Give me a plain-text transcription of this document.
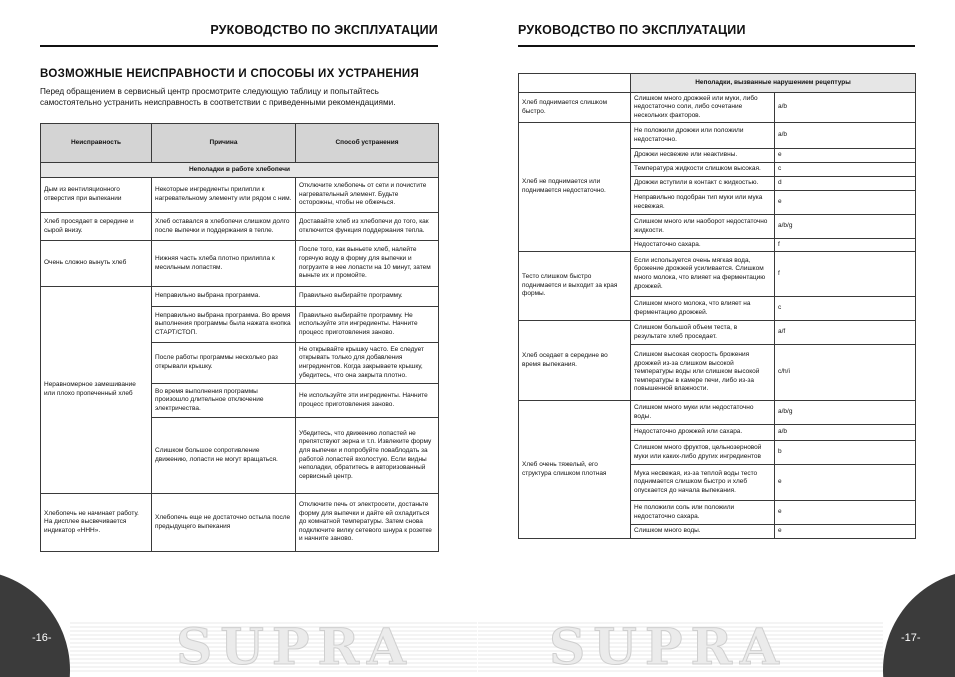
РУКОВОДСТВО ПО ЭКСПЛУАТАЦИИ
ВОЗМОЖНЫЕ НЕИСПРАВНОСТИ И СПОСОБЫ ИХ УСТРАНЕНИЯ
Перед обращением в сервисный центр просмотрите следующую таблицу и попытайтесь самостоятельно устранить неисправность в соответствии с приведенными рекомендациями.
Неисправность	Причина	Способ устранения
Неполадки в работе хлебопечи		
Дым из вентиляционного отверстия при выпекании	Некоторые ингредиенты прилипли к нагревательному элементу или рядом с ним.	Отключите хлебопечь от сети и почистите нагревательный элемент. Будьте осторожны, чтобы не обжечься.
Хлеб просядает в середине и сырой внизу.	Хлеб оставался в хлебопечи слишком долго после выпечки и поддержания в тепле.	Доставайте хлеб из хлебопечи до того, как отключится функция поддержания тепла.
Очень сложно вынуть хлеб	Нижняя часть хлеба плотно прилипла к месильным лопастям.	После того, как выньете хлеб, налейте горячую воду в форму для выпечки и погрузите в нее лопасти на 10 минут, затем выньте их и промойте.
Неравномерное замешивание или плохо пропеченный хлеб	Неправильно выбрана программа.	Правильно выбирайте программу.
	Неправильно выбрана программа. Во время выполнения программы была нажата кнопка СТАРТ/СТОП.	Правильно выбирайте программу. Не используйте эти ингредиенты. Начните процесс приготовления заново.
	После работы программы несколько раз открывали крышку.	Не открывайте крышку часто. Ее следует открывать только для добавления ингредиентов. Когда закрываете крышку, убедитесь, что она закрыта плотно.
	Во время выполнения программы произошло длительное отключение электричества.	Не используйте эти ингредиенты. Начните процесс приготовления заново.
	Слишком большое сопротивление движению, лопасти не могут вращаться.	Убедитесь, что движению лопастей не препятствуют зерна и т.п. Извлеките форму для выпечки и попробуйте поваблодать за работой лопастей вхолостую. Если видны неполадки, обратитесь в авторизованный сервисный центр.
Хлебопечь не начинает работу. На дисплее высвечивается индикатор «HHH».	Хлебопечь еще не достаточно остыла после предыдущего выпекания	Отключите печь от электросети, достаньте форму для выпечки и дайте ей охладиться до комнатной температуры. Затем снова подключите вилку сетевого шнура к розетке и начните заново.
SUPRA
-16-
РУКОВОДСТВО ПО ЭКСПЛУАТАЦИИ
	Неполадки, вызванные нарушением рецептуры	
Хлеб поднимается слишком быстро.	Слишком много дрожжей или муки, либо недостаточно соли, либо сочетание нескольких факторов.	a/b
Хлеб не поднимается или поднимается недостаточно.	Не положили дрожжи или положили недостаточно.	a/b
	Дрожжи несвежие или неактивны.	e
	Температура жидкости слишком высокая.	c
	Дрожжи вступили в контакт с жидкостью.	d
	Неправильно подобран тип муки или мука несвежая.	e
	Слишком много или наоборот недостаточно жидкости.	a/b/g
	Недостаточно сахара.	f
Тесто слишком быстро поднимается и выходит за края формы.	Если используется очень мягкая вода, брожение дрожжей усиливается. Слишком много молока, что влияет на ферментацию дрожжей.	f
	Слишком много молока, что влияет на ферментацию дрожжей.	c
Хлеб оседает в середине во время выпекания.	Слишком большой объем теста, в результате хлеб проседает.	a/f
	Слишком высокая скорость брожения дрожжей из-за слишком высокой температуры воды или слишком высокой температуры в камере печи, либо из-за повышенной влажности.	c/h/i
Хлеб очень тяжелый, его структура слишком плотная	Слишком много муки или недостаточно воды.	a/b/g
	Недостаточно дрожжей или сахара.	a/b
	Слишком много фруктов, цельнозерновой муки или каких-либо других ингредиентов	b
	Мука несвежая, из-за теплой воды тесто поднимается слишком быстро и хлеб опускается до начала выпекания.	e
	Не положили соль или положили недостаточно сахара.	e
	Слишком много воды.	e
SUPRA	-17-
